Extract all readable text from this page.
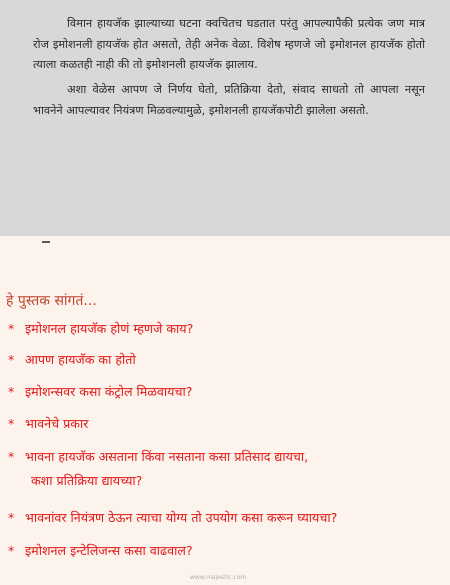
विमान हायजॅक झाल्याच्या घटना क्वचितच घडतात परंतु आपल्यापैकी प्रत्येक जण मात्र रोज इमोशनली हायजॅक होत असतो, तेही अनेक वेळा. विशेष म्हणजे जो इमोशनल हायजॅक होतो त्याला कळतही नाही की तो इमोशनली हायजॅक झालाय.

अशा वेळेस आपण जे निर्णय घेतो, प्रतिक्रिया देतो, संवाद साधतो तो आपला नसून भावनेने आपल्यावर नियंत्रण मिळवल्यामुळे, इमोशनली हायजॅकपोटी झालेला असतो.

हे पुस्तक सांगतं...
* इमोशनल हायजॅक होणं म्हणजे काय?
* आपण हायजॅक का होतो
* इमोशन्सवर कसा कंट्रोल मिळवायचा?
* भावनेचे प्रकार
* भावना हायजॅक असताना किंवा नसताना कसा प्रतिसाद द्यायचा,
कशा प्रतिक्रिया द्यायच्या?
* भावनांवर नियंत्रण ठेऊन त्याचा योग्य तो उपयोग कसा करून घ्यायचा?
* इमोशनल इन्टेलिजन्स कसा वाढवाल?
www.majestic.com
